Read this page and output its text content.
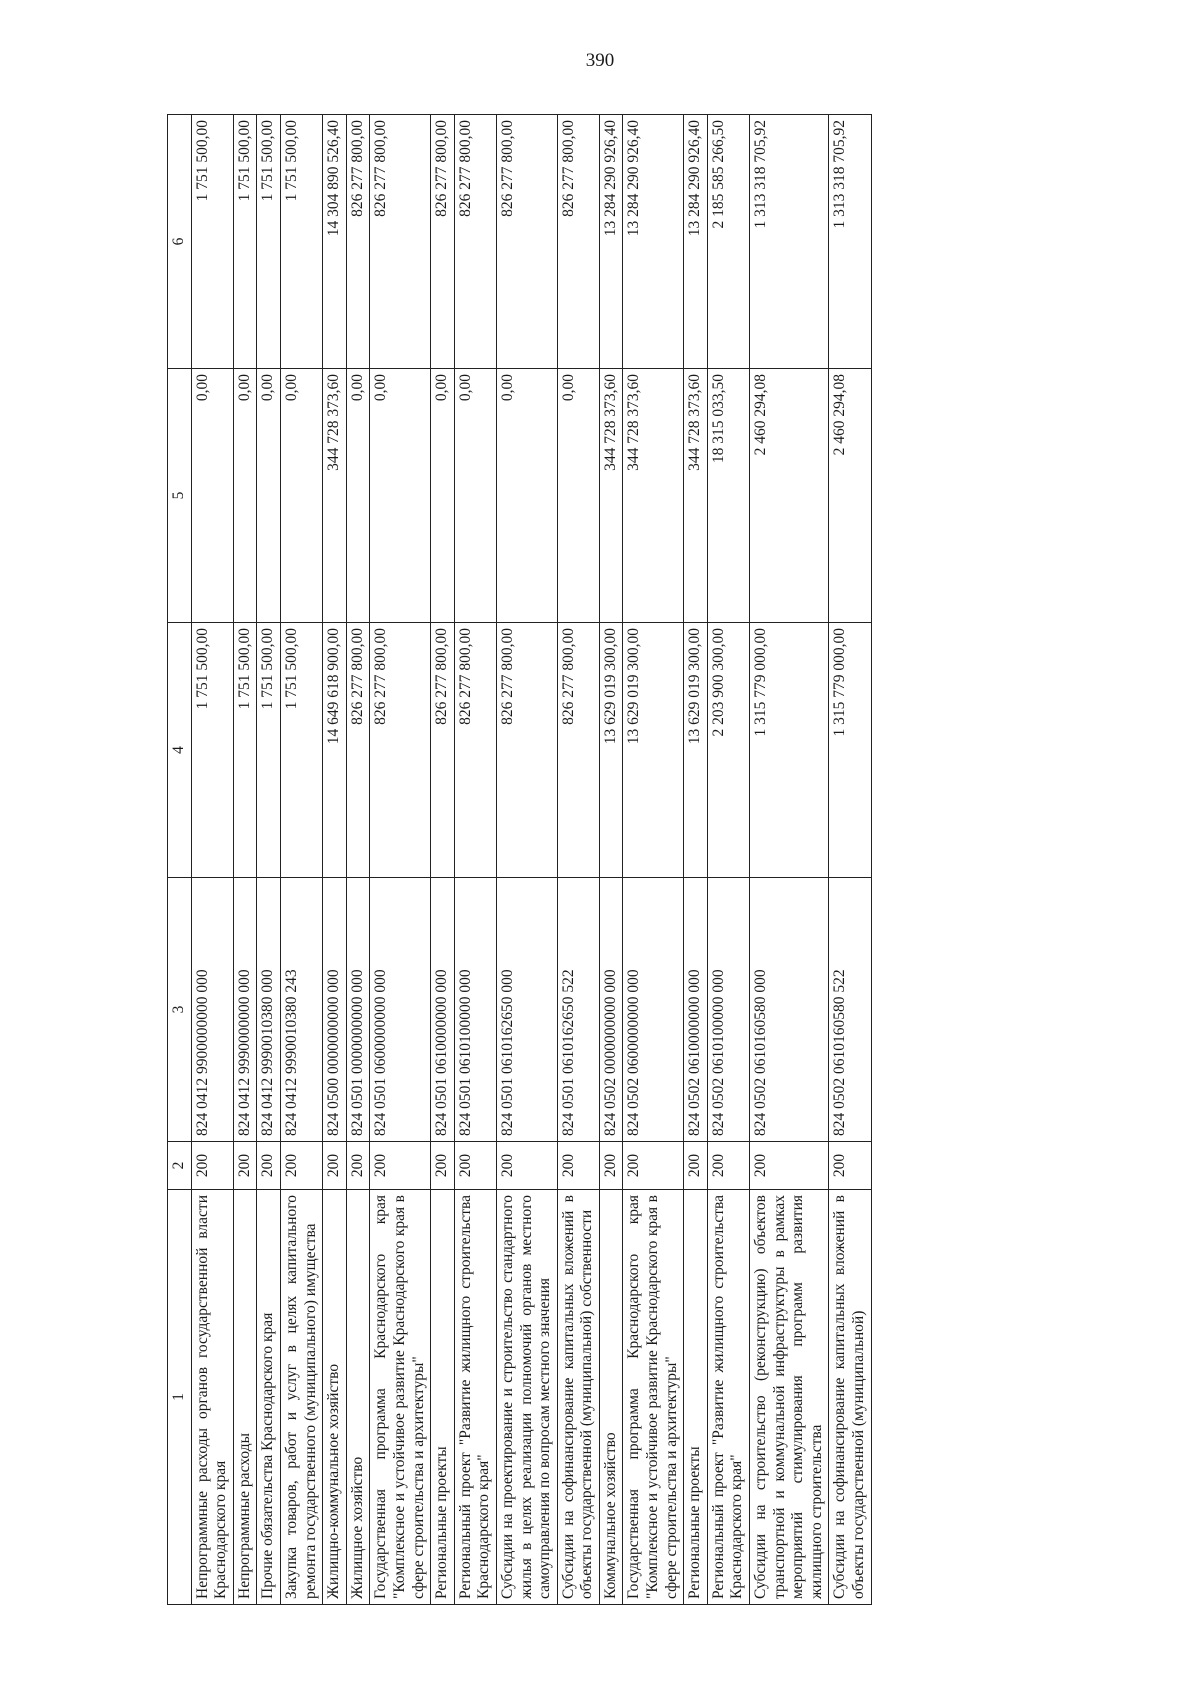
390
1	2	3	4	5	6
Непрограммные расходы органов государственной власти Краснодарского края	200	824 0412 9900000000 000	1 751 500,00	0,00	1 751 500,00
Непрограммные расходы	200	824 0412 9990000000 000	1 751 500,00	0,00	1 751 500,00
Прочие обязательства Краснодарского края	200	824 0412 9990010380 000	1 751 500,00	0,00	1 751 500,00
Закупка товаров, работ и услуг в целях капитального ремонта государственного (муниципального) имущества	200	824 0412 9990010380 243	1 751 500,00	0,00	1 751 500,00
Жилищно-коммунальное хозяйство	200	824 0500 0000000000 000	14 649 618 900,00	344 728 373,60	14 304 890 526,40
Жилищное хозяйство	200	824 0501 0000000000 000	826 277 800,00	0,00	826 277 800,00
Государственная программа Краснодарского края "Комплексное и устойчивое развитие Краснодарского края в сфере строительства и архитектуры"	200	824 0501 0600000000 000	826 277 800,00	0,00	826 277 800,00
Региональные проекты	200	824 0501 0610000000 000	826 277 800,00	0,00	826 277 800,00
Региональный проект "Развитие жилищного строительства Краснодарского края"	200	824 0501 0610100000 000	826 277 800,00	0,00	826 277 800,00
Субсидии на проектирование и строительство стандартного жилья в целях реализации полномочий органов местного самоуправления по вопросам местного значения	200	824 0501 0610162650 000	826 277 800,00	0,00	826 277 800,00
Субсидии на софинансирование капитальных вложений в объекты государственной (муниципальной) собственности	200	824 0501 0610162650 522	826 277 800,00	0,00	826 277 800,00
Коммунальное хозяйство	200	824 0502 0000000000 000	13 629 019 300,00	344 728 373,60	13 284 290 926,40
Государственная программа Краснодарского края "Комплексное и устойчивое развитие Краснодарского края в сфере строительства и архитектуры"	200	824 0502 0600000000 000	13 629 019 300,00	344 728 373,60	13 284 290 926,40
Региональные проекты	200	824 0502 0610000000 000	13 629 019 300,00	344 728 373,60	13 284 290 926,40
Региональный проект "Развитие жилищного строительства Краснодарского края"	200	824 0502 0610100000 000	2 203 900 300,00	18 315 033,50	2 185 585 266,50
Субсидии на строительство (реконструкцию) объектов транспортной и коммунальной инфраструктуры в рамках мероприятий стимулирования программ развития жилищного строительства	200	824 0502 0610160580 000	1 315 779 000,00	2 460 294,08	1 313 318 705,92
Субсидии на софинансирование капитальных вложений в объекты государственной (муниципальной)	200	824 0502 0610160580 522	1 315 779 000,00	2 460 294,08	1 313 318 705,92
